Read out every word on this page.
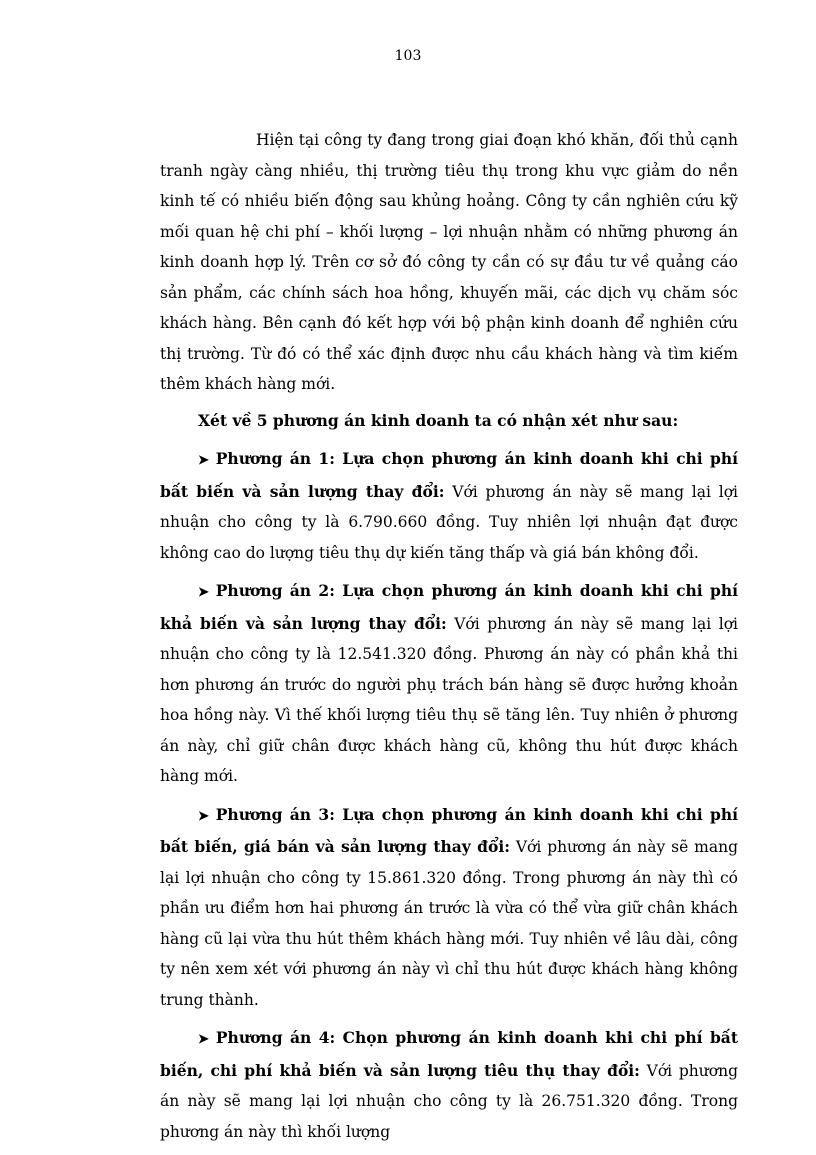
103

Hiện tại công ty đang trong giai đoạn khó khăn, đối thủ cạnh tranh ngày càng nhiều, thị trường tiêu thụ trong khu vực giảm do nền kinh tế có nhiều biến động sau khủng hoảng. Công ty cần nghiên cứu kỹ mối quan hệ chi phí – khối lượng – lợi nhuận nhằm có những phương án kinh doanh hợp lý. Trên cơ sở đó công ty cần có sự đầu tư về quảng cáo sản phẩm, các chính sách hoa hồng, khuyến mãi, các dịch vụ chăm sóc khách hàng. Bên cạnh đó kết hợp với bộ phận kinh doanh để nghiên cứu thị trường. Từ đó có thể xác định được nhu cầu khách hàng và tìm kiếm thêm khách hàng mới.

Xét về 5 phương án kinh doanh ta có nhận xét như sau:

➤ Phương án 1: Lựa chọn phương án kinh doanh khi chi phí bất biến và sản lượng thay đổi: Với phương án này sẽ mang lại lợi nhuận cho công ty là 6.790.660 đồng. Tuy nhiên lợi nhuận đạt được không cao do lượng tiêu thụ dự kiến tăng thấp và giá bán không đổi.

➤ Phương án 2: Lựa chọn phương án kinh doanh khi chi phí khả biến và sản lượng thay đổi: Với phương án này sẽ mang lại lợi nhuận cho công ty là 12.541.320 đồng. Phương án này có phần khả thi hơn phương án trước do người phụ trách bán hàng sẽ được hưởng khoản hoa hồng này. Vì thế khối lượng tiêu thụ sẽ tăng lên. Tuy nhiên ở phương án này, chỉ giữ chân được khách hàng cũ, không thu hút được khách hàng mới.

➤ Phương án 3: Lựa chọn phương án kinh doanh khi chi phí bất biến, giá bán và sản lượng thay đổi: Với phương án này sẽ mang lại lợi nhuận cho công ty 15.861.320 đồng. Trong phương án này thì có phần ưu điểm hơn hai phương án trước là vừa có thể vừa giữ chân khách hàng cũ lại vừa thu hút thêm khách hàng mới. Tuy nhiên về lâu dài, công ty nên xem xét với phương án này vì chỉ thu hút được khách hàng không trung thành.

➤ Phương án 4: Chọn phương án kinh doanh khi chi phí bất biến, chi phí khả biến và sản lượng tiêu thụ thay đổi: Với phương án này sẽ mang lại lợi nhuận cho công ty là 26.751.320 đồng. Trong phương án này thì khối lượng
